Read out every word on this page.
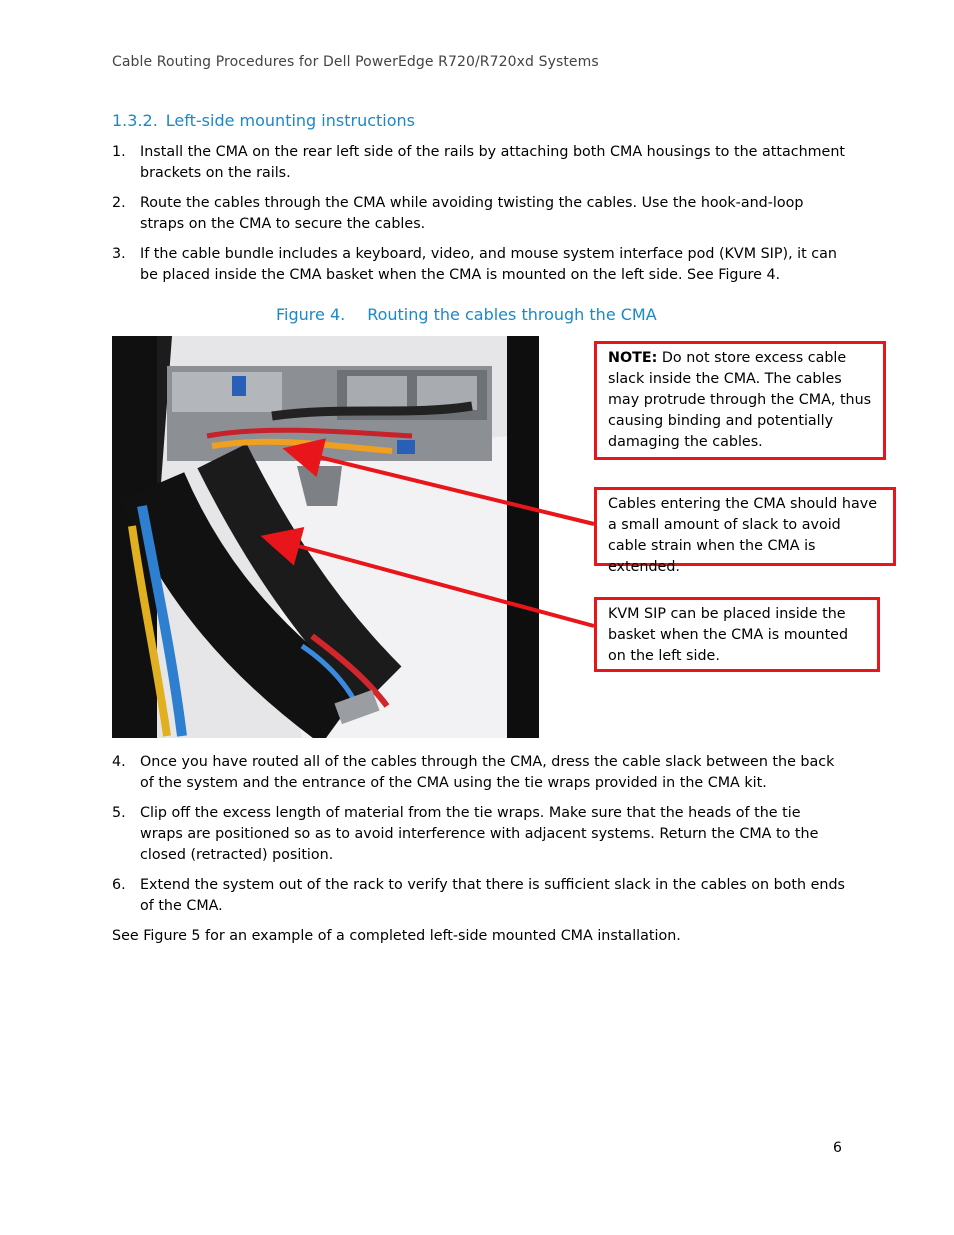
Cable Routing Procedures for Dell PowerEdge R720/R720xd Systems
1.3.2. Left-side mounting instructions
1. Install the CMA on the rear left side of the rails by attaching both CMA housings to the attachment brackets on the rails.
2. Route the cables through the CMA while avoiding twisting the cables. Use the hook-and-loop straps on the CMA to secure the cables.
3. If the cable bundle includes a keyboard, video, and mouse system interface pod (KVM SIP), it can be placed inside the CMA basket when the CMA is mounted on the left side. See Figure 4.
Figure 4. Routing the cables through the CMA
NOTE: Do not store excess cable slack inside the CMA. The cables may protrude through the CMA, thus causing binding and potentially damaging the cables.
Cables entering the CMA should have a small amount of slack to avoid cable strain when the CMA is extended.
KVM SIP can be placed inside the basket when the CMA is mounted on the left side.
4. Once you have routed all of the cables through the CMA, dress the cable slack between the back of the system and the entrance of the CMA using the tie wraps provided in the CMA kit.
5. Clip off the excess length of material from the tie wraps. Make sure that the heads of the tie wraps are positioned so as to avoid interference with adjacent systems. Return the CMA to the closed (retracted) position.
6. Extend the system out of the rack to verify that there is sufficient slack in the cables on both ends of the CMA.
See Figure 5 for an example of a completed left-side mounted CMA installation.
6
